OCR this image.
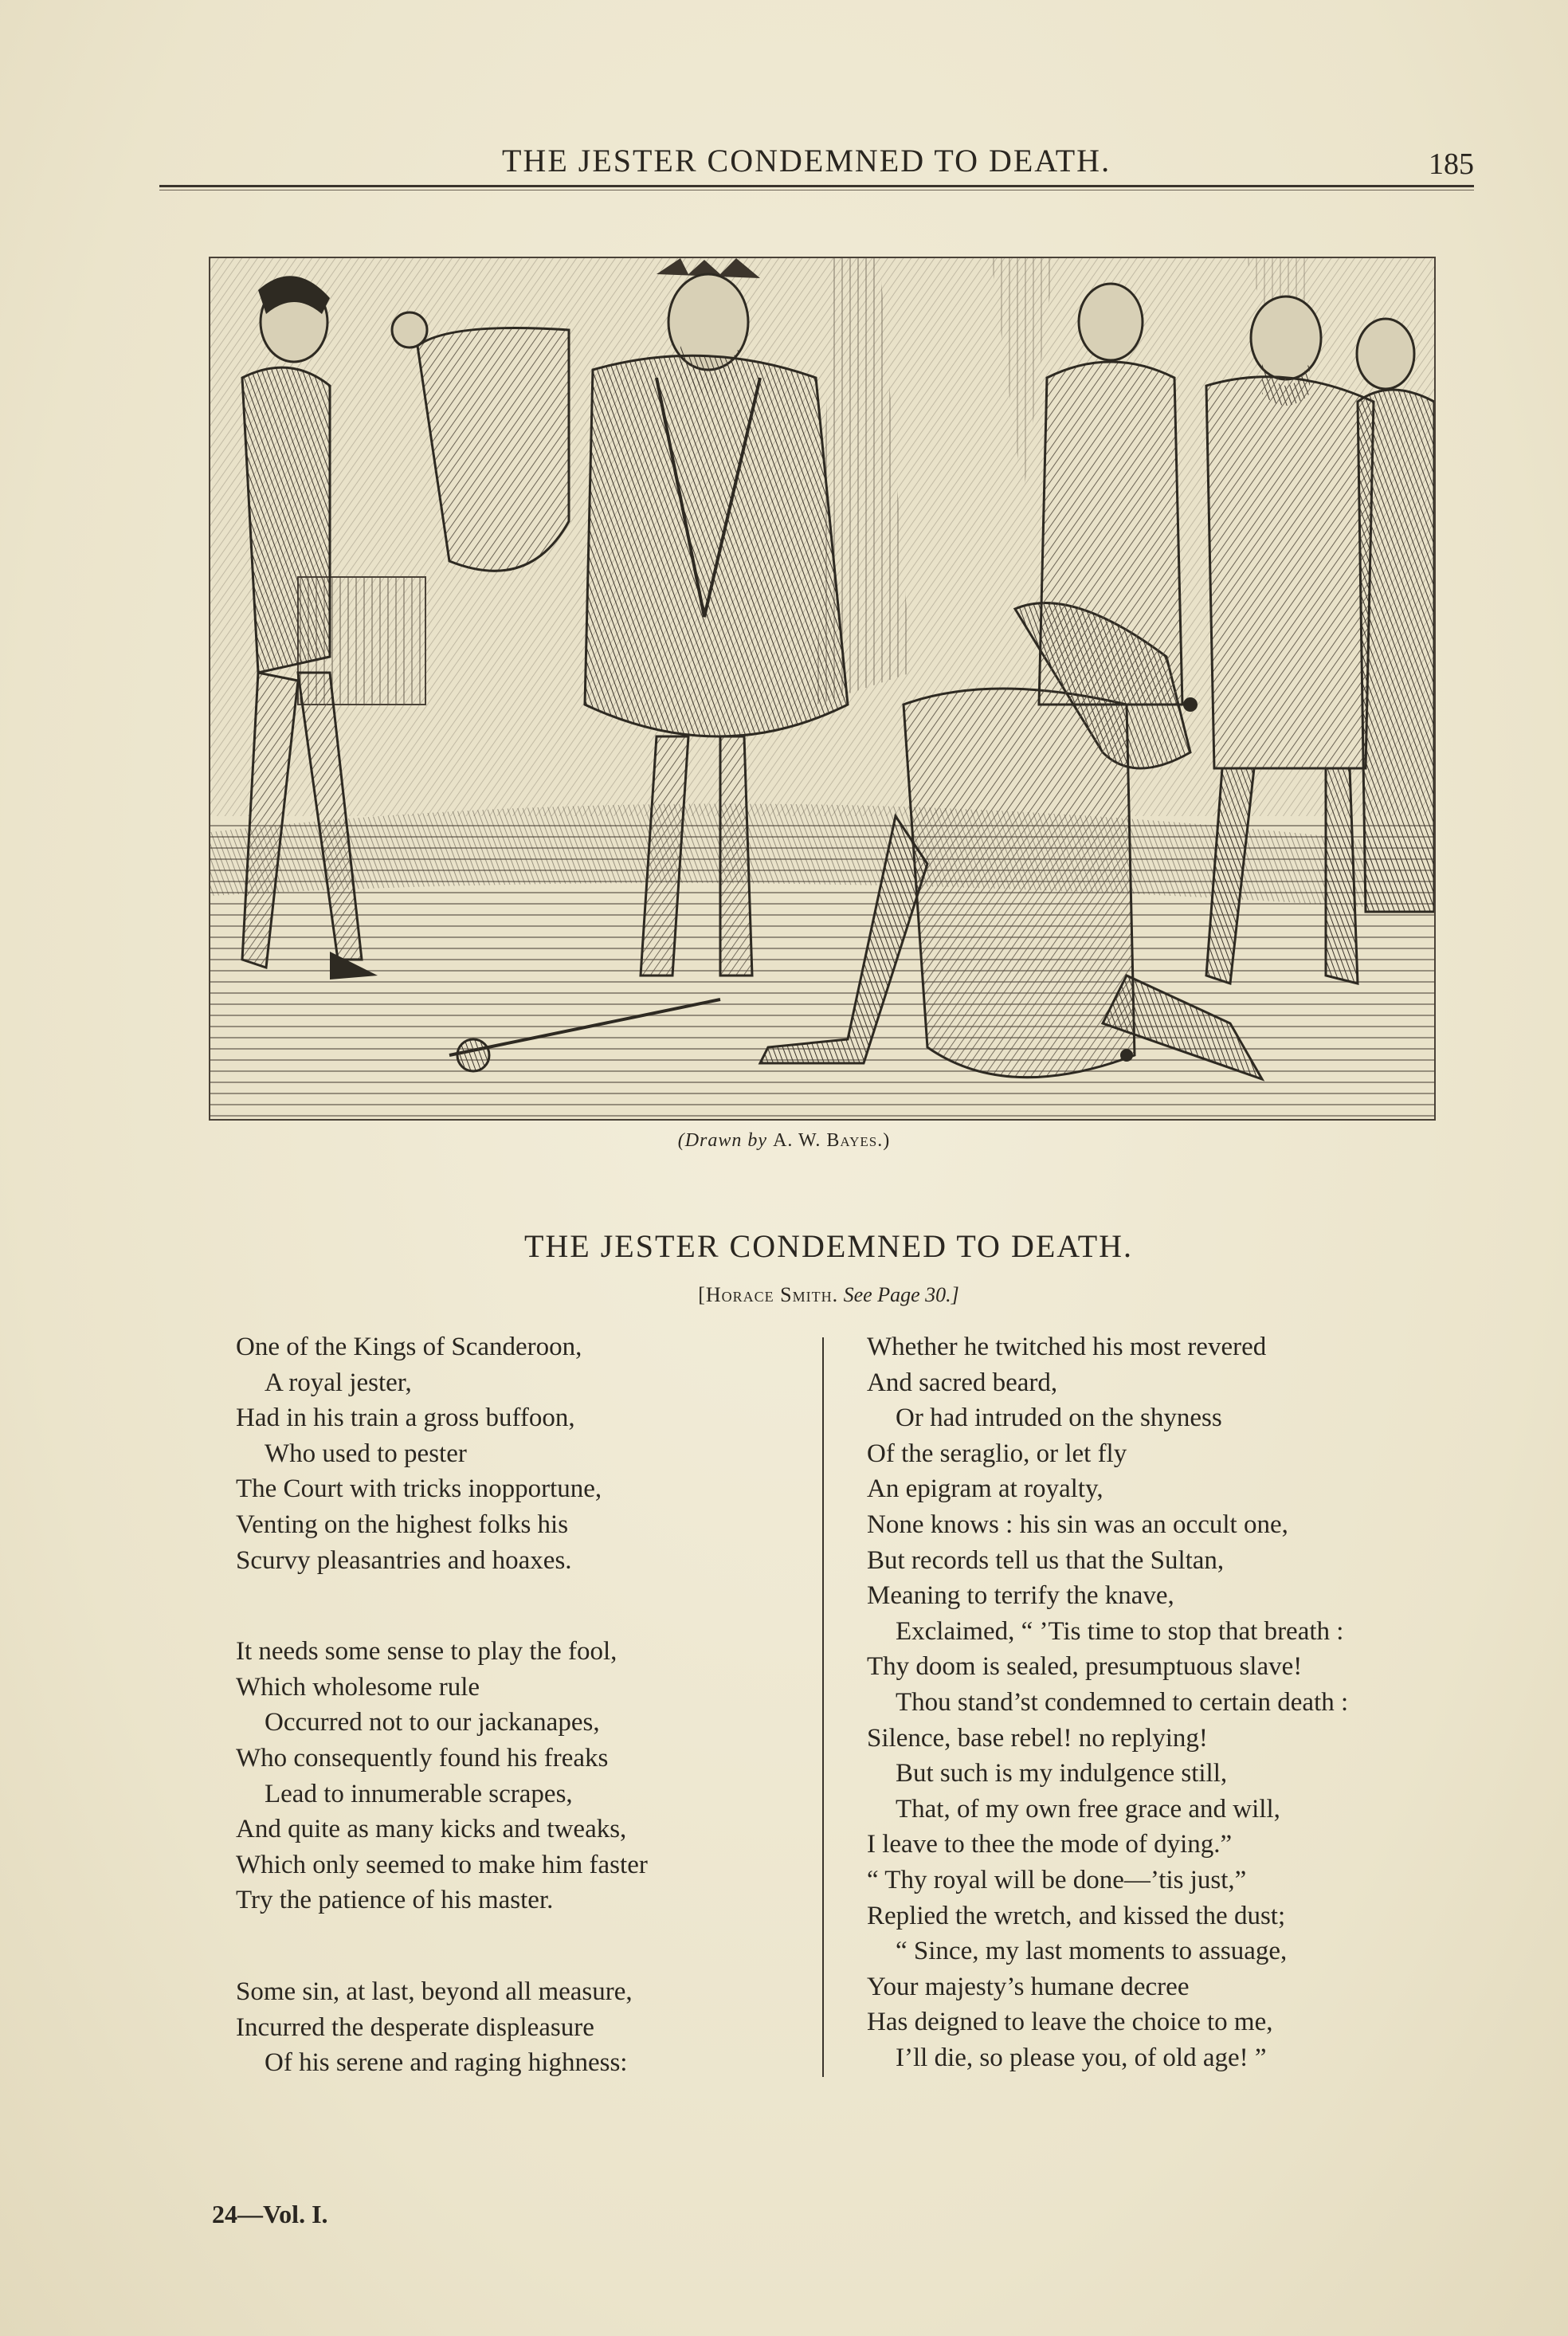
THE JESTER CONDEMNED TO DEATH.	185
(Drawn by A. W. Bayes.)
THE JESTER CONDEMNED TO DEATH.
[Horace Smith. See Page 30.]
One of the Kings of Scanderoon,
A royal jester,
Had in his train a gross buffoon,
Who used to pester
The Court with tricks inopportune,
Venting on the highest folks his
Scurvy pleasantries and hoaxes.
It needs some sense to play the fool,
Which wholesome rule
Occurred not to our jackanapes,
Who consequently found his freaks
Lead to innumerable scrapes,
And quite as many kicks and tweaks,
Which only seemed to make him faster
Try the patience of his master.
Some sin, at last, beyond all measure,
Incurred the desperate displeasure
Of his serene and raging highness:
Whether he twitched his most revered
And sacred beard,
Or had intruded on the shyness
Of the seraglio, or let fly
An epigram at royalty,
None knows : his sin was an occult one,
But records tell us that the Sultan,
Meaning to terrify the knave,
Exclaimed, “ ’Tis time to stop that breath :
Thy doom is sealed, presumptuous slave!
Thou stand’st condemned to certain death :
Silence, base rebel! no replying!
But such is my indulgence still,
That, of my own free grace and will,
I leave to thee the mode of dying.”
“ Thy royal will be done—’tis just,”
Replied the wretch, and kissed the dust;
“ Since, my last moments to assuage,
Your majesty’s humane decree
Has deigned to leave the choice to me,
I’ll die, so please you, of old age! ”
24—Vol. I.
